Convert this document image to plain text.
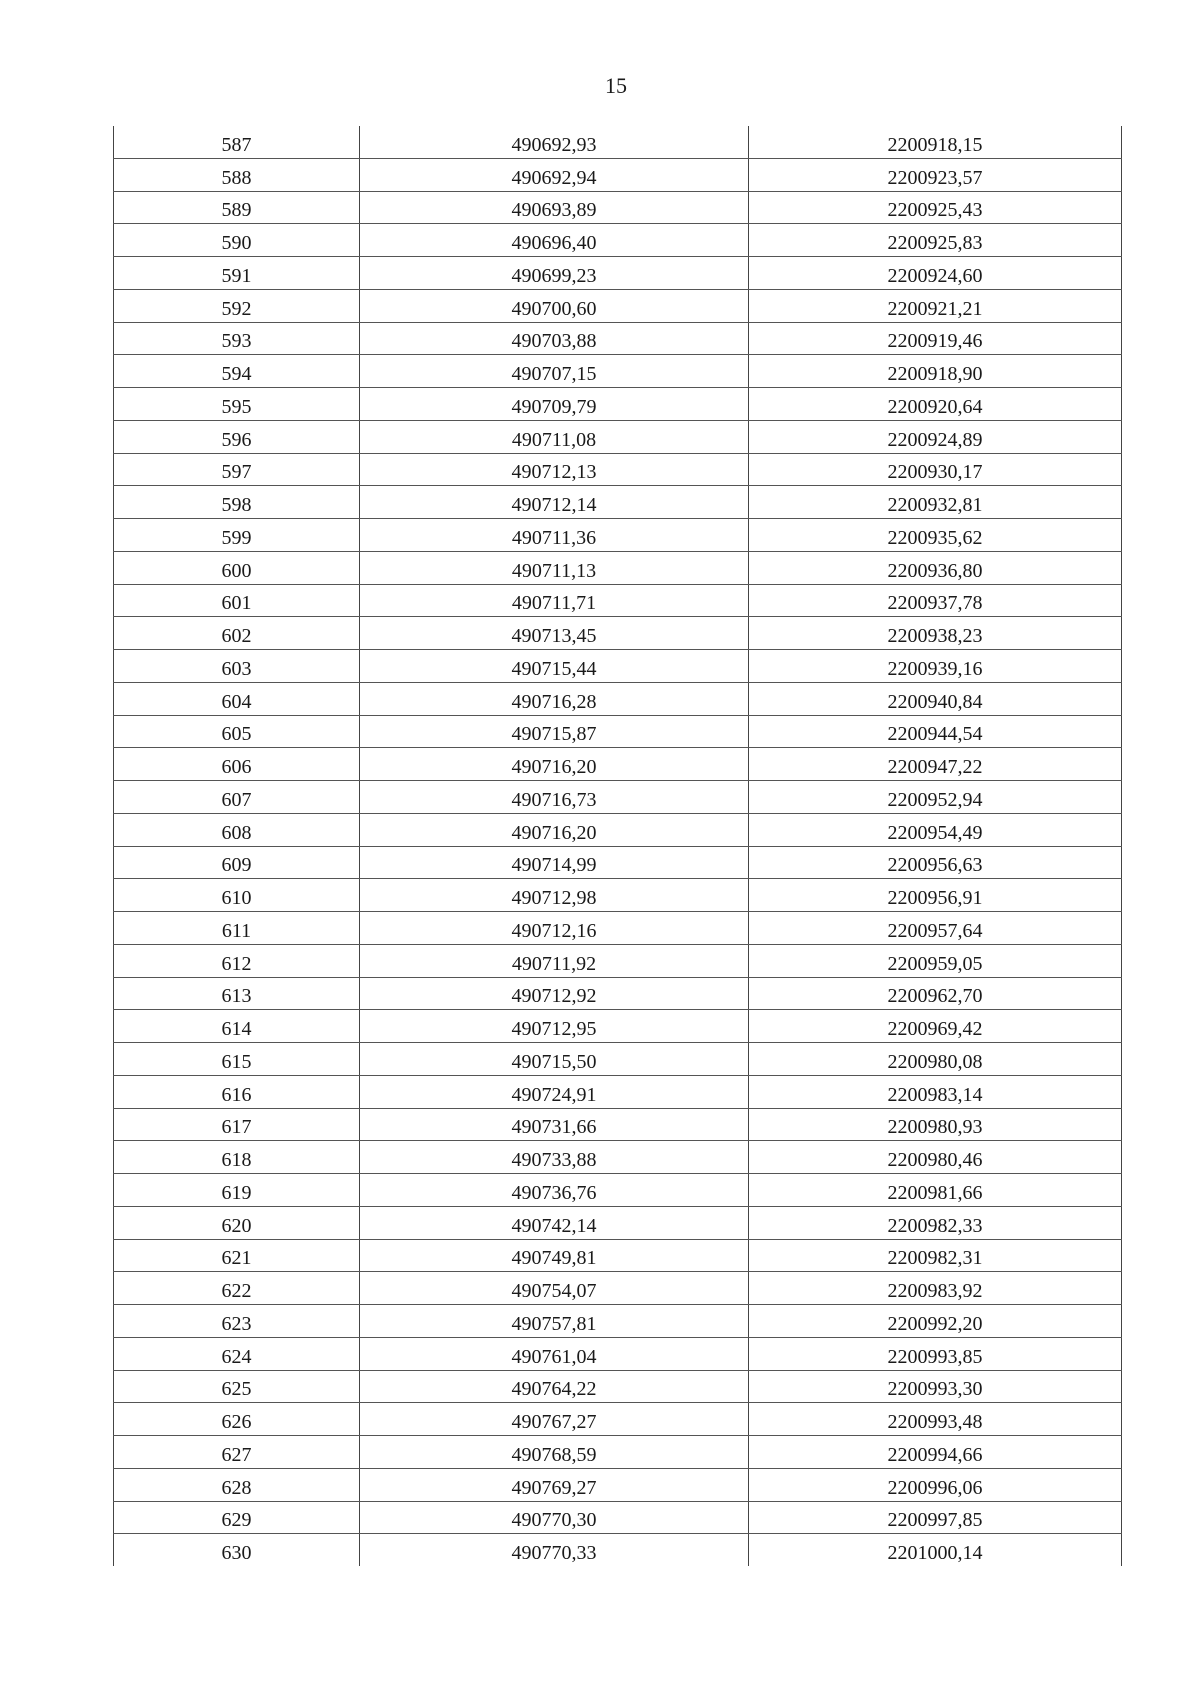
15
587	490692,93	2200918,15
588	490692,94	2200923,57
589	490693,89	2200925,43
590	490696,40	2200925,83
591	490699,23	2200924,60
592	490700,60	2200921,21
593	490703,88	2200919,46
594	490707,15	2200918,90
595	490709,79	2200920,64
596	490711,08	2200924,89
597	490712,13	2200930,17
598	490712,14	2200932,81
599	490711,36	2200935,62
600	490711,13	2200936,80
601	490711,71	2200937,78
602	490713,45	2200938,23
603	490715,44	2200939,16
604	490716,28	2200940,84
605	490715,87	2200944,54
606	490716,20	2200947,22
607	490716,73	2200952,94
608	490716,20	2200954,49
609	490714,99	2200956,63
610	490712,98	2200956,91
611	490712,16	2200957,64
612	490711,92	2200959,05
613	490712,92	2200962,70
614	490712,95	2200969,42
615	490715,50	2200980,08
616	490724,91	2200983,14
617	490731,66	2200980,93
618	490733,88	2200980,46
619	490736,76	2200981,66
620	490742,14	2200982,33
621	490749,81	2200982,31
622	490754,07	2200983,92
623	490757,81	2200992,20
624	490761,04	2200993,85
625	490764,22	2200993,30
626	490767,27	2200993,48
627	490768,59	2200994,66
628	490769,27	2200996,06
629	490770,30	2200997,85
630	490770,33	2201000,14
